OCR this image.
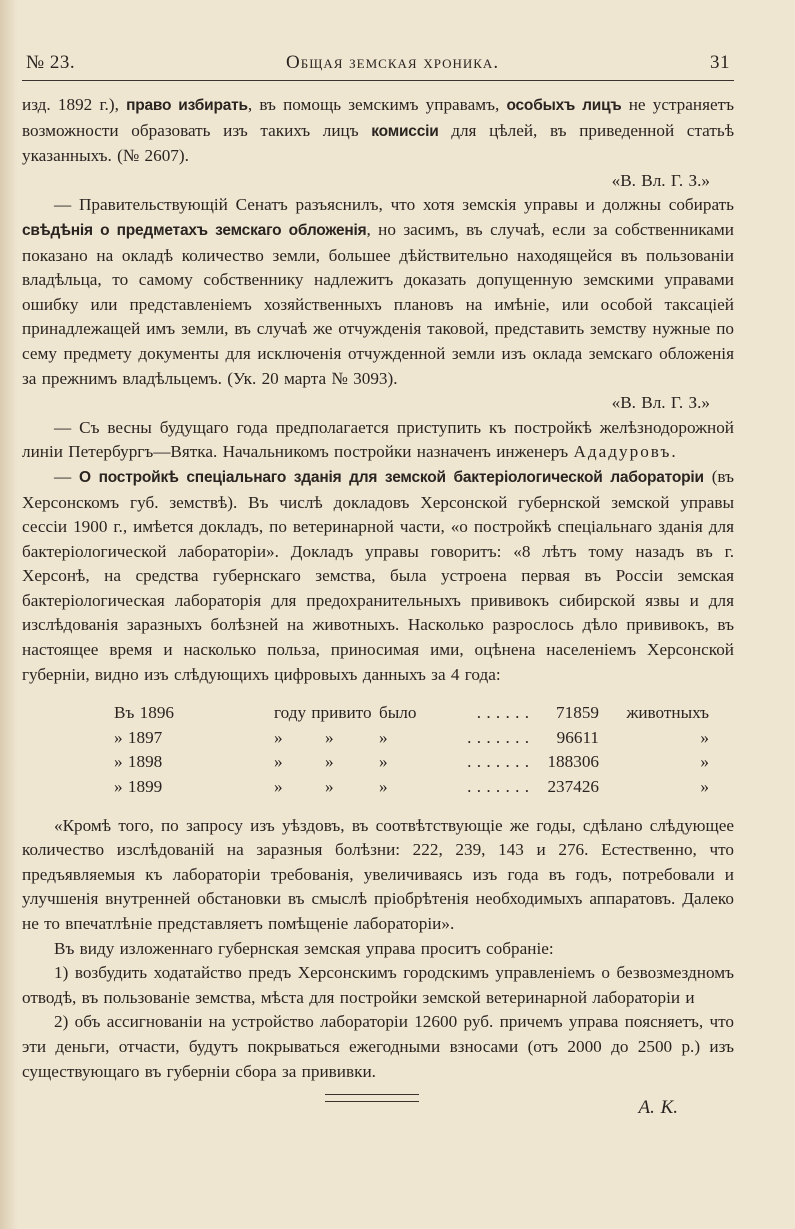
№ 23.	Общая земская хроника.	31

изд. 1892 г.), право избирать, въ помощь земскимъ управамъ, особыхъ лицъ не устраняетъ возможности образовать изъ такихъ лицъ комиссіи для цѣлей, въ приведенной статьѣ указанныхъ. (№ 2607).

«В. Вл. Г. З.»

— Правительствующій Сенатъ разъяснилъ, что хотя земскія управы и должны собирать свѣдѣнія о предметахъ земскаго обложенія, но засимъ, въ случаѣ, если за собственниками показано на окладѣ количество земли, большее дѣйствительно находящейся въ пользованіи владѣльца, то самому собственнику надлежитъ доказать допущенную земскими управами ошибку или представленіемъ хозяйственныхъ плановъ на имѣніе, или особой таксаціей принадлежащей имъ земли, въ случаѣ же отчужденія таковой, представить земству нужные по сему предмету документы для исключенія отчужденной земли изъ оклада земскаго обложенія за прежнимъ владѣльцемъ. (Ук. 20 марта № 3093).

«В. Вл. Г. З.»

— Съ весны будущаго года предполагается приступить къ постройкѣ желѣзнодорожной линіи Петербургъ—Вятка. Начальникомъ постройки назначенъ инженеръ Ададуровъ.

— О постройкѣ спеціальнаго зданія для земской бактеріологической лабораторіи (въ Херсонскомъ губ. земствѣ). Въ числѣ докладовъ Херсонской губернской земской управы сессіи 1900 г., имѣется докладъ, по ветеринарной части, «о постройкѣ спеціальнаго зданія для бактеріологической лабораторіи». Докладъ управы говоритъ: «8 лѣтъ тому назадъ въ г. Херсонѣ, на средства губернскаго земства, была устроена первая въ Россіи земская бактеріологическая лабораторія для предохранительныхъ прививокъ сибирской язвы и для изслѣдованія заразныхъ болѣзней на животныхъ. Насколько разрослось дѣло прививокъ, въ настоящее время и насколько польза, приносимая ими, оцѣнена населеніемъ Херсонской губерніи, видно изъ слѣдующихъ цифровыхъ данныхъ за 4 года:

Въ 1896	году привито	было	. . . . . .	71859	животныхъ
» 1897	» »	»	. . . . . . .	96611	»
» 1898	» »	»	. . . . . . .	188306	»
» 1899	» »	»	. . . . . . .	237426	»

«Кромѣ того, по запросу изъ уѣздовъ, въ соотвѣтствующіе же годы, сдѣлано слѣдующее количество изслѣдованій на заразныя болѣзни: 222, 239, 143 и 276. Естественно, что предъявляемыя къ лабораторіи требованія, увеличиваясь изъ года въ годъ, потребовали и улучшенія внутренней обстановки въ смыслѣ пріобрѣтенія необходимыхъ аппаратовъ. Далеко не то впечатлѣніе представляетъ помѣщеніе лабораторіи».

Въ виду изложеннаго губернская земская управа проситъ собраніе:

1) возбудить ходатайство предъ Херсонскимъ городскимъ управленіемъ о безвозмездномъ отводѣ, въ пользованіе земства, мѣста для постройки земской ветеринарной лабораторіи и

2) объ ассигнованіи на устройство лабораторіи 12600 руб. причемъ управа поясняетъ, что эти деньги, отчасти, будутъ покрываться ежегодными взносами (отъ 2000 до 2500 р.) изъ существующаго въ губерніи сбора за прививки.

А. К.
